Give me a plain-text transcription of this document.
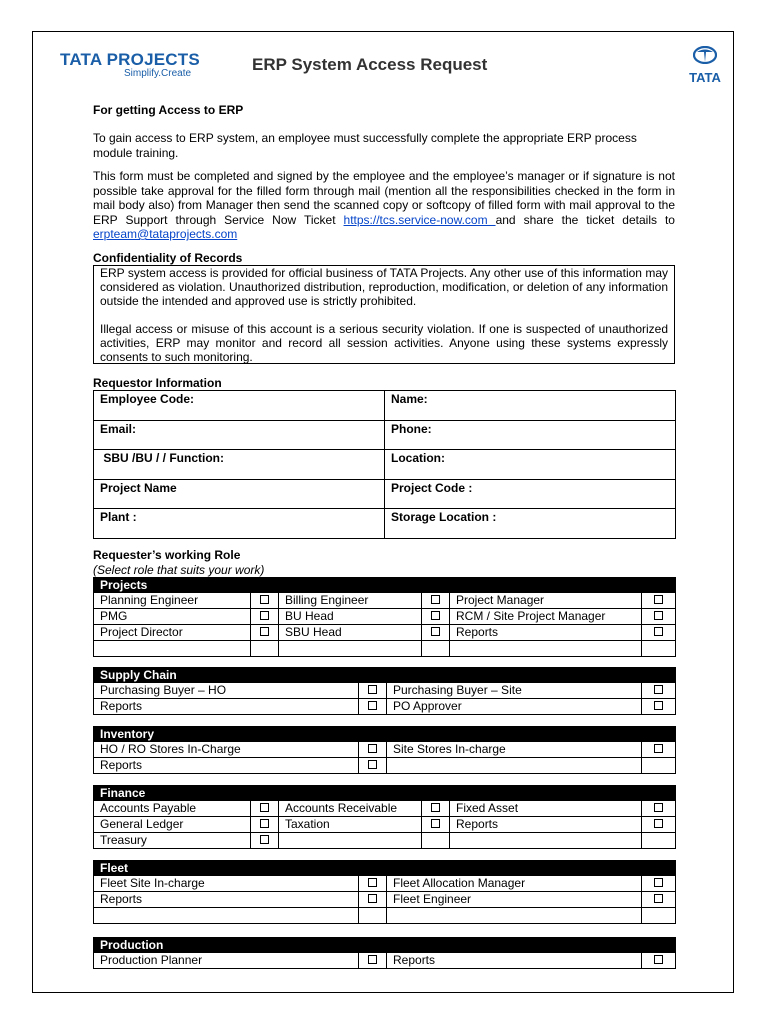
TATA PROJECTS
Simplify.Create	ERP System Access Request
TATA
For getting Access to ERP
To gain access to ERP system, an employee must successfully complete the appropriate ERP process module training.
This form must be completed and signed by the employee and the employee’s manager or if signature is not possible take approval for the filled form through mail (mention all the responsibilities checked in the form in mail body also) from Manager then send the scanned copy or softcopy of filled form with mail approval to the ERP Support through Service Now Ticket https://tcs.service-now.com and share the ticket details to erpteam@tataprojects.com
Confidentiality of Records

ERP system access is provided for official business of TATA Projects. Any other use of this information may considered as violation. Unauthorized distribution, reproduction, modification, or deletion of any information outside the intended and approved use is strictly prohibited.

Illegal access or misuse of this account is a serious security violation. If one is suspected of unauthorized activities, ERP may monitor and record all session activities. Anyone using these systems expressly consents to such monitoring.

Requestor Information
Employee Code:	Name:
Email:	Phone:
SBU /BU / / Function:	Location:
Project Name	Project Code :
Plant :	Storage Location :
Requester’s working Role
(Select role that suits your work)
Projects					
Planning Engineer		Billing Engineer		Project Manager	
PMG		BU Head		RCM / Site Project Manager	
Project Director		SBU Head		Reports	

Supply Chain			
Purchasing Buyer – HO		Purchasing Buyer – Site	
Reports		PO Approver	
Inventory			
HO / RO Stores In-Charge		Site Stores In-charge	
Reports			
Finance					
Accounts Payable		Accounts Receivable		Fixed Asset	
General Ledger		Taxation		Reports	
Treasury					
Fleet			
Fleet Site In-charge		Fleet Allocation Manager	
Reports		Fleet Engineer	

Production			
Production Planner		Reports	
